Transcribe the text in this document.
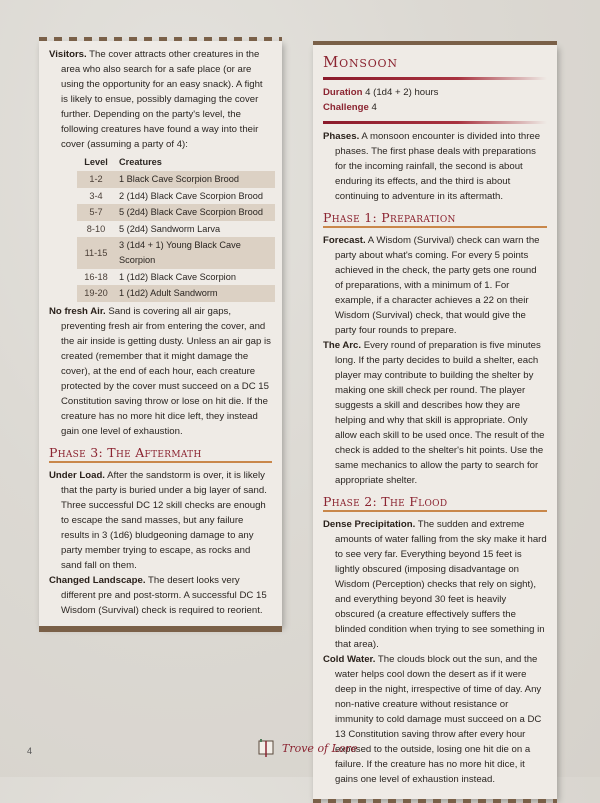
Visitors. The cover attracts other creatures in the area who also search for a safe place (or are using the opportunity for an easy snack). A fight is likely to ensue, possibly damaging the cover further. Depending on the party's level, the following creatures have found a way into their cover (assuming a party of 4):

Level	Creatures
1-2	1 Black Cave Scorpion Brood
3-4	2 (1d4) Black Cave Scorpion Brood
5-7	5 (2d4) Black Cave Scorpion Brood
8-10	5 (2d4) Sandworm Larva
11-15	3 (1d4 + 1) Young Black Cave Scorpion
16-18	1 (1d2) Black Cave Scorpion
19-20	1 (1d2) Adult Sandworm

No fresh Air. Sand is covering all air gaps, preventing fresh air from entering the cover, and the air inside is getting dusty. Unless an air gap is created (remember that it might damage the cover), at the end of each hour, each creature protected by the cover must succeed on a DC 15 Constitution saving throw or lose on hit die. If the creature has no more hit dice left, they instead gain one level of exhaustion.

Phase 3: The Aftermath

Under Load. After the sandstorm is over, it is likely that the party is buried under a big layer of sand. Three successful DC 12 skill checks are enough to escape the sand masses, but any failure results in 3 (1d6) bludgeoning damage to any party member trying to escape, as rocks and sand fall on them.

Changed Landscape. The desert looks very different pre and post-storm. A successful DC 15 Wisdom (Survival) check is required to reorient.

Monsoon

Duration 4 (1d4 + 2) hours

Challenge 4

Phases. A monsoon encounter is divided into three phases. The first phase deals with preparations for the incoming rainfall, the second is about enduring its effects, and the third is about continuing to adventure in its aftermath.

Phase 1: Preparation

Forecast. A Wisdom (Survival) check can warn the party about what's coming. For every 5 points achieved in the check, the party gets one round of preparations, with a minimum of 1. For example, if a character achieves a 22 on their Wisdom (Survival) check, that would give the party four rounds to prepare.

The Arc. Every round of preparation is five minutes long. If the party decides to build a shelter, each player may contribute to building the shelter by making one skill check per round. The player suggests a skill and describes how they are helping and why that skill is appropriate. Only allow each skill to be used once. The result of the check is added to the shelter's hit points. Use the same mechanics to allow the party to search for appropriate shelter.

Phase 2: The Flood

Dense Precipitation. The sudden and extreme amounts of water falling from the sky make it hard to see very far. Everything beyond 15 feet is lightly obscured (imposing disadvantage on Wisdom (Perception) checks that rely on sight), and everything beyond 30 feet is heavily obscured (a creature effectively suffers the blinded condition when trying to see something in that area).

Cold Water. The clouds block out the sun, and the water helps cool down the desert as if it were deep in the night, irrespective of time of day. Any non-native creature without resistance or immunity to cold damage must succeed on a DC 13 Constitution saving throw after every hour exposed to the outside, losing one hit die on a failure. If the creature has no more hit dice, it gains one level of exhaustion instead.

4	Trove of Lore
